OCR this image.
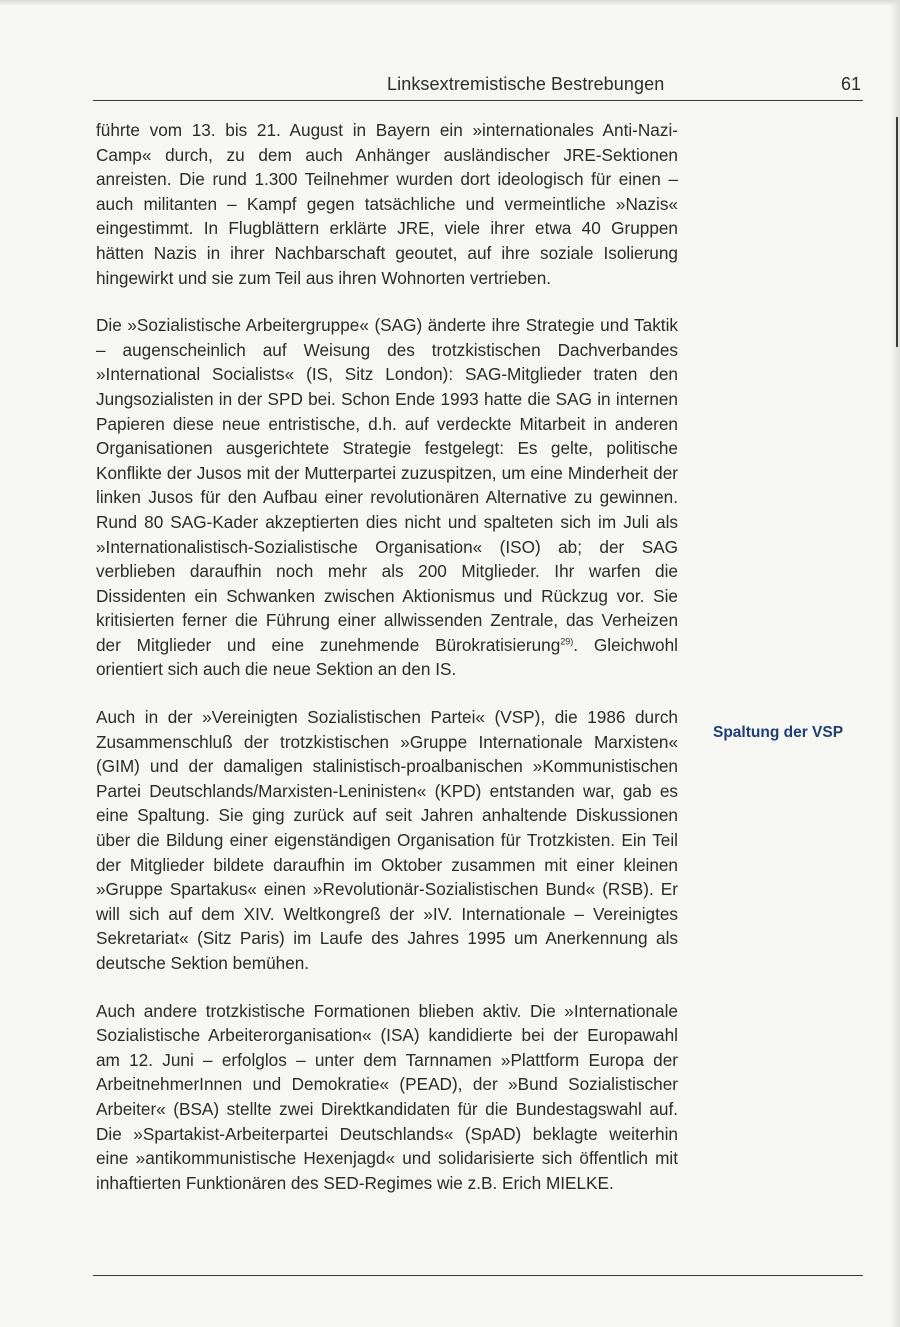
Linksextremistische Bestrebungen	61

führte vom 13. bis 21. August in Bayern ein »internationales Anti-Nazi-Camp« durch, zu dem auch Anhänger ausländischer JRE-Sektionen anreisten. Die rund 1.300 Teilnehmer wurden dort ideologisch für einen – auch militanten – Kampf gegen tatsächliche und vermeintliche »Nazis« eingestimmt. In Flugblättern erklärte JRE, viele ihrer etwa 40 Gruppen hätten Nazis in ihrer Nachbarschaft geoutet, auf ihre soziale Isolierung hingewirkt und sie zum Teil aus ihren Wohnorten vertrieben.

Die »Sozialistische Arbeitergruppe« (SAG) änderte ihre Strategie und Taktik – augenscheinlich auf Weisung des trotzkistischen Dachverbandes »International Socialists« (IS, Sitz London): SAG-Mitglieder traten den Jungsozialisten in der SPD bei. Schon Ende 1993 hatte die SAG in internen Papieren diese neue entristische, d.h. auf verdeckte Mitarbeit in anderen Organisationen ausgerichtete Strategie festgelegt: Es gelte, politische Konflikte der Jusos mit der Mutterpartei zuzuspitzen, um eine Minderheit der linken Jusos für den Aufbau einer revolutionären Alternative zu gewinnen. Rund 80 SAG-Kader akzeptierten dies nicht und spalteten sich im Juli als »Internationalistisch-Sozialistische Organisation« (ISO) ab; der SAG verblieben daraufhin noch mehr als 200 Mitglieder. Ihr warfen die Dissidenten ein Schwanken zwischen Aktionismus und Rückzug vor. Sie kritisierten ferner die Führung einer allwissenden Zentrale, das Verheizen der Mitglieder und eine zunehmende Bürokratisierung$^{29)}$. Gleichwohl orientiert sich auch die neue Sektion an den IS.

Auch in der »Vereinigten Sozialistischen Partei« (VSP), die 1986 durch Zusammenschluß der trotzkistischen »Gruppe Internationale Marxisten« (GIM) und der damaligen stalinistisch-proalbanischen »Kommunistischen Partei Deutschlands/Marxisten-Leninisten« (KPD) entstanden war, gab es eine Spaltung. Sie ging zurück auf seit Jahren anhaltende Diskussionen über die Bildung einer eigenständigen Organisation für Trotzkisten. Ein Teil der Mitglieder bildete daraufhin im Oktober zusammen mit einer kleinen »Gruppe Spartakus« einen »Revolutionär-Sozialistischen Bund« (RSB). Er will sich auf dem XIV. Weltkongreß der »IV. Internationale – Vereinigtes Sekretariat« (Sitz Paris) im Laufe des Jahres 1995 um Anerkennung als deutsche Sektion bemühen.

Auch andere trotzkistische Formationen blieben aktiv. Die »Internationale Sozialistische Arbeiterorganisation« (ISA) kandidierte bei der Europawahl am 12. Juni – erfolglos – unter dem Tarnnamen »Plattform Europa der ArbeitnehmerInnen und Demokratie« (PEAD), der »Bund Sozialistischer Arbeiter« (BSA) stellte zwei Direktkandidaten für die Bundestagswahl auf. Die »Spartakist-Arbeiterpartei Deutschlands« (SpAD) beklagte weiterhin eine »antikommunistische Hexenjagd« und solidarisierte sich öffentlich mit inhaftierten Funktionären des SED-Regimes wie z.B. Erich MIELKE.

Spaltung der VSP
